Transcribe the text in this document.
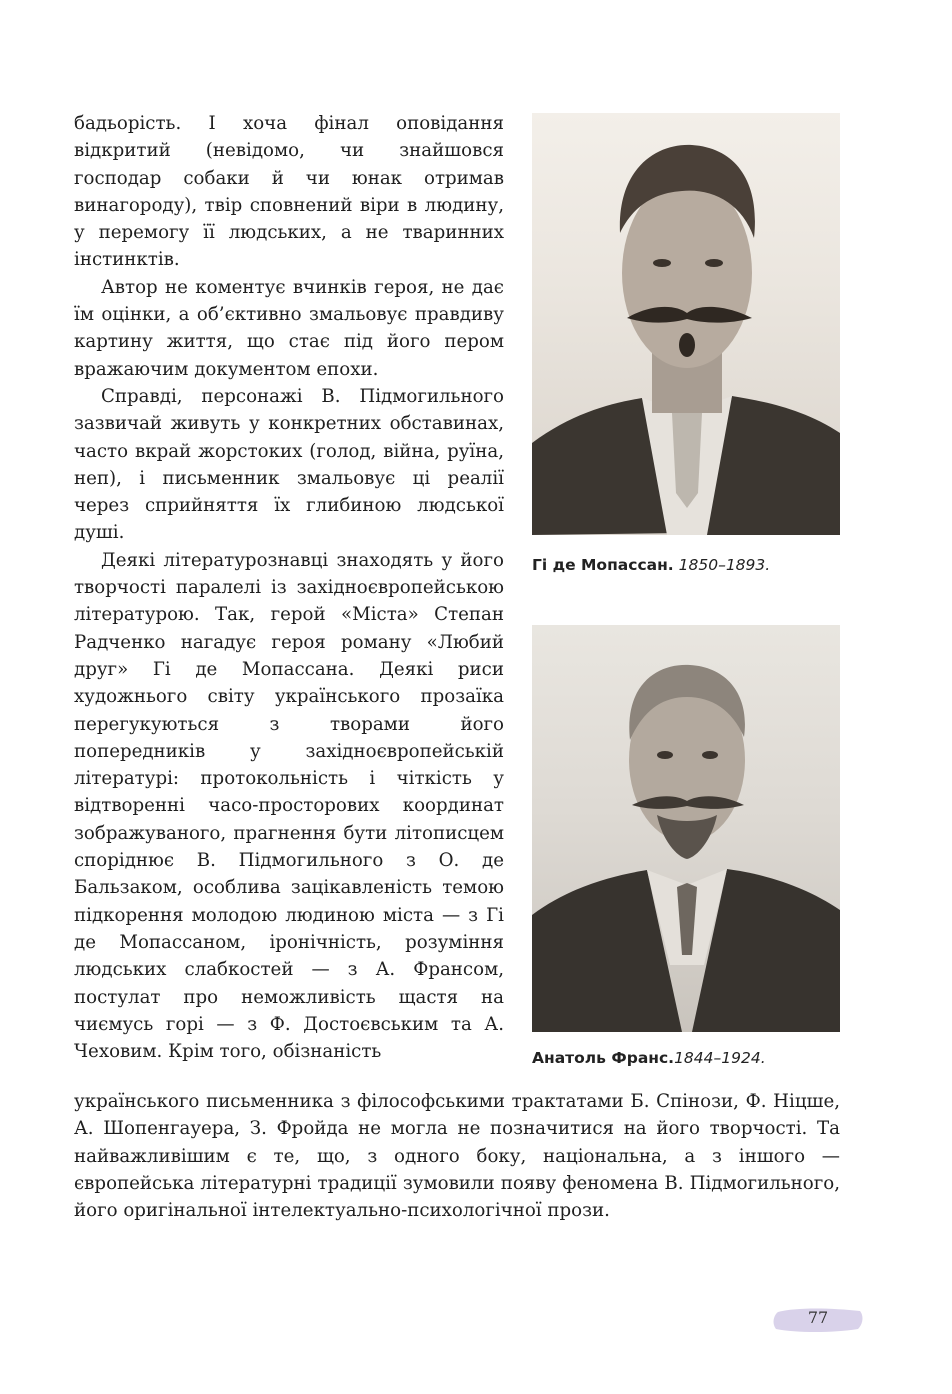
бадьорість. І хоча фінал оповідання відкритий (невідомо, чи знайшовся господар собаки й чи юнак отримав винагороду), твір сповнений віри в людину, у перемогу її людських, а не тваринних інстинктів.

Автор не коментує вчинків героя, не дає їм оцінки, а об’єктивно змальовує правдиву картину життя, що стає під його пером вражаючим документом епохи.

Справді, персонажі В. Підмогильного зазвичай живуть у конкретних обставинах, часто вкрай жорстоких (голод, війна, руїна, неп), і письменник змальовує ці реалії через сприйняття їх глибиною людської душі.

Деякі літературознавці знаходять у його творчості паралелі із західноєвропейською літературою. Так, герой «Міста» Степан Радченко нагадує героя роману «Любий друг» Гі де Мопассана. Деякі риси художнього світу українського прозаїка перегукуються з творами його попередників у західноєвропейській літературі: протокольність і чіткість у відтворенні часо-просторових координат зображуваного, прагнення бути літописцем споріднює В. Підмогильного з О. де Бальзаком, особлива зацікавленість темою підкорення молодою людиною міста — з Гі де Мопассаном, іронічність, розуміння людських слабкостей — з А. Франсом, постулат про неможливість щастя на чиємусь горі — з Ф. Достоєвським та А. Чеховим. Крім того, обізнаність

українського письменника з філософськими трактатами Б. Спінози, Ф. Ніцше, А. Шопенгауера, З. Фройда не могла не позначитися на його творчості. Та найважливішим є те, що, з одного боку, національна, а з іншого — європейська літературні традиції зумовили появу феномена В. Підмогильного, його оригінальної інтелектуально-психологічної прози.

Гі де Мопассан. 1850–1893.
Анатоль Франс.1844–1924.
77
